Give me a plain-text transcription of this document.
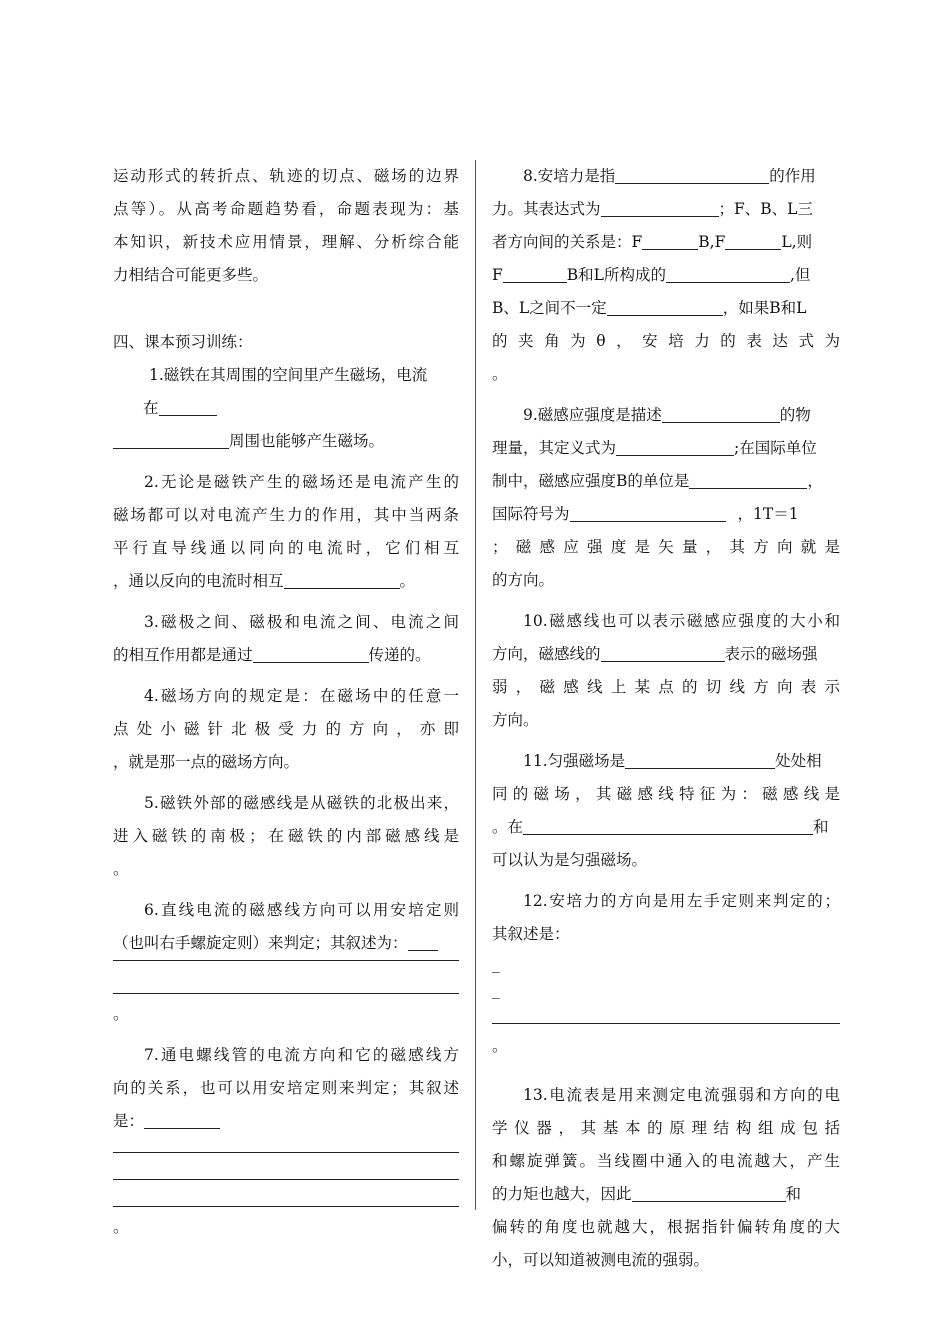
运动形式的转折点、轨迹的切点、磁场的边界

点等）。从高考命题趋势看，命题表现为：基

本知识，新技术应用情景，理解、分析综合能

力相结合可能更多些。

四、课本预习训练：

1.磁铁在其周围的空间里产生磁场，电流

在

周围也能够产生磁场。

2.无论是磁铁产生的磁场还是电流产生的

磁场都可以对电流产生力的作用，其中当两条

平行直导线通以同向的电流时，它们相互

，通以反向的电流时相互	。

3.磁极之间、磁极和电流之间、电流之间

的相互作用都是通过	传递的。

4.磁场方向的规定是：在磁场中的任意一

点处小磁针北极受力的方向，亦即

，就是那一点的磁场方向。

5.磁铁外部的磁感线是从磁铁的北极出来，

进入磁铁的南极；在磁铁的内部磁感线是

。

6.直线电流的磁感线方向可以用安培定则

（也叫右手螺旋定则）来判定；其叙述为：

。

7.通电螺线管的电流方向和它的磁感线方

向的关系，也可以用安培定则来判定；其叙述

是：

。

8.安培力是指	的作用

力。其表达式为	；F、B、L三

者方向间的关系是：F	B,F	L,则

F	B和L所构成的	,但

B、L之间不一定	，如果B和L

的夹角为θ，安培力的表达式为

。

9.磁感应强度是描述	的物

理量，其定义式为	;在国际单位

制中，磁感应强度B的单位是	，

国际符号为	，1T＝1

；磁感应强度是矢量，其方向就是

的方向。

10.磁感线也可以表示磁感应强度的大小和

方向，磁感线的	表示的磁场强

弱，磁感线上某点的切线方向表示

方向。

11.匀强磁场是	处处相

同的磁场，其磁感线特征为：磁感线是

。在	和

可以认为是匀强磁场。

12.安培力的方向是用左手定则来判定的；

其叙述是：

_

_

。

13.电流表是用来测定电流强弱和方向的电

学仪器，其基本的原理结构组成包括

和螺旋弹簧。当线圈中通入的电流越大，产生

的力矩也越大，因此	和

偏转的角度也就越大，根据指针偏转角度的大

小，可以知道被测电流的强弱。
